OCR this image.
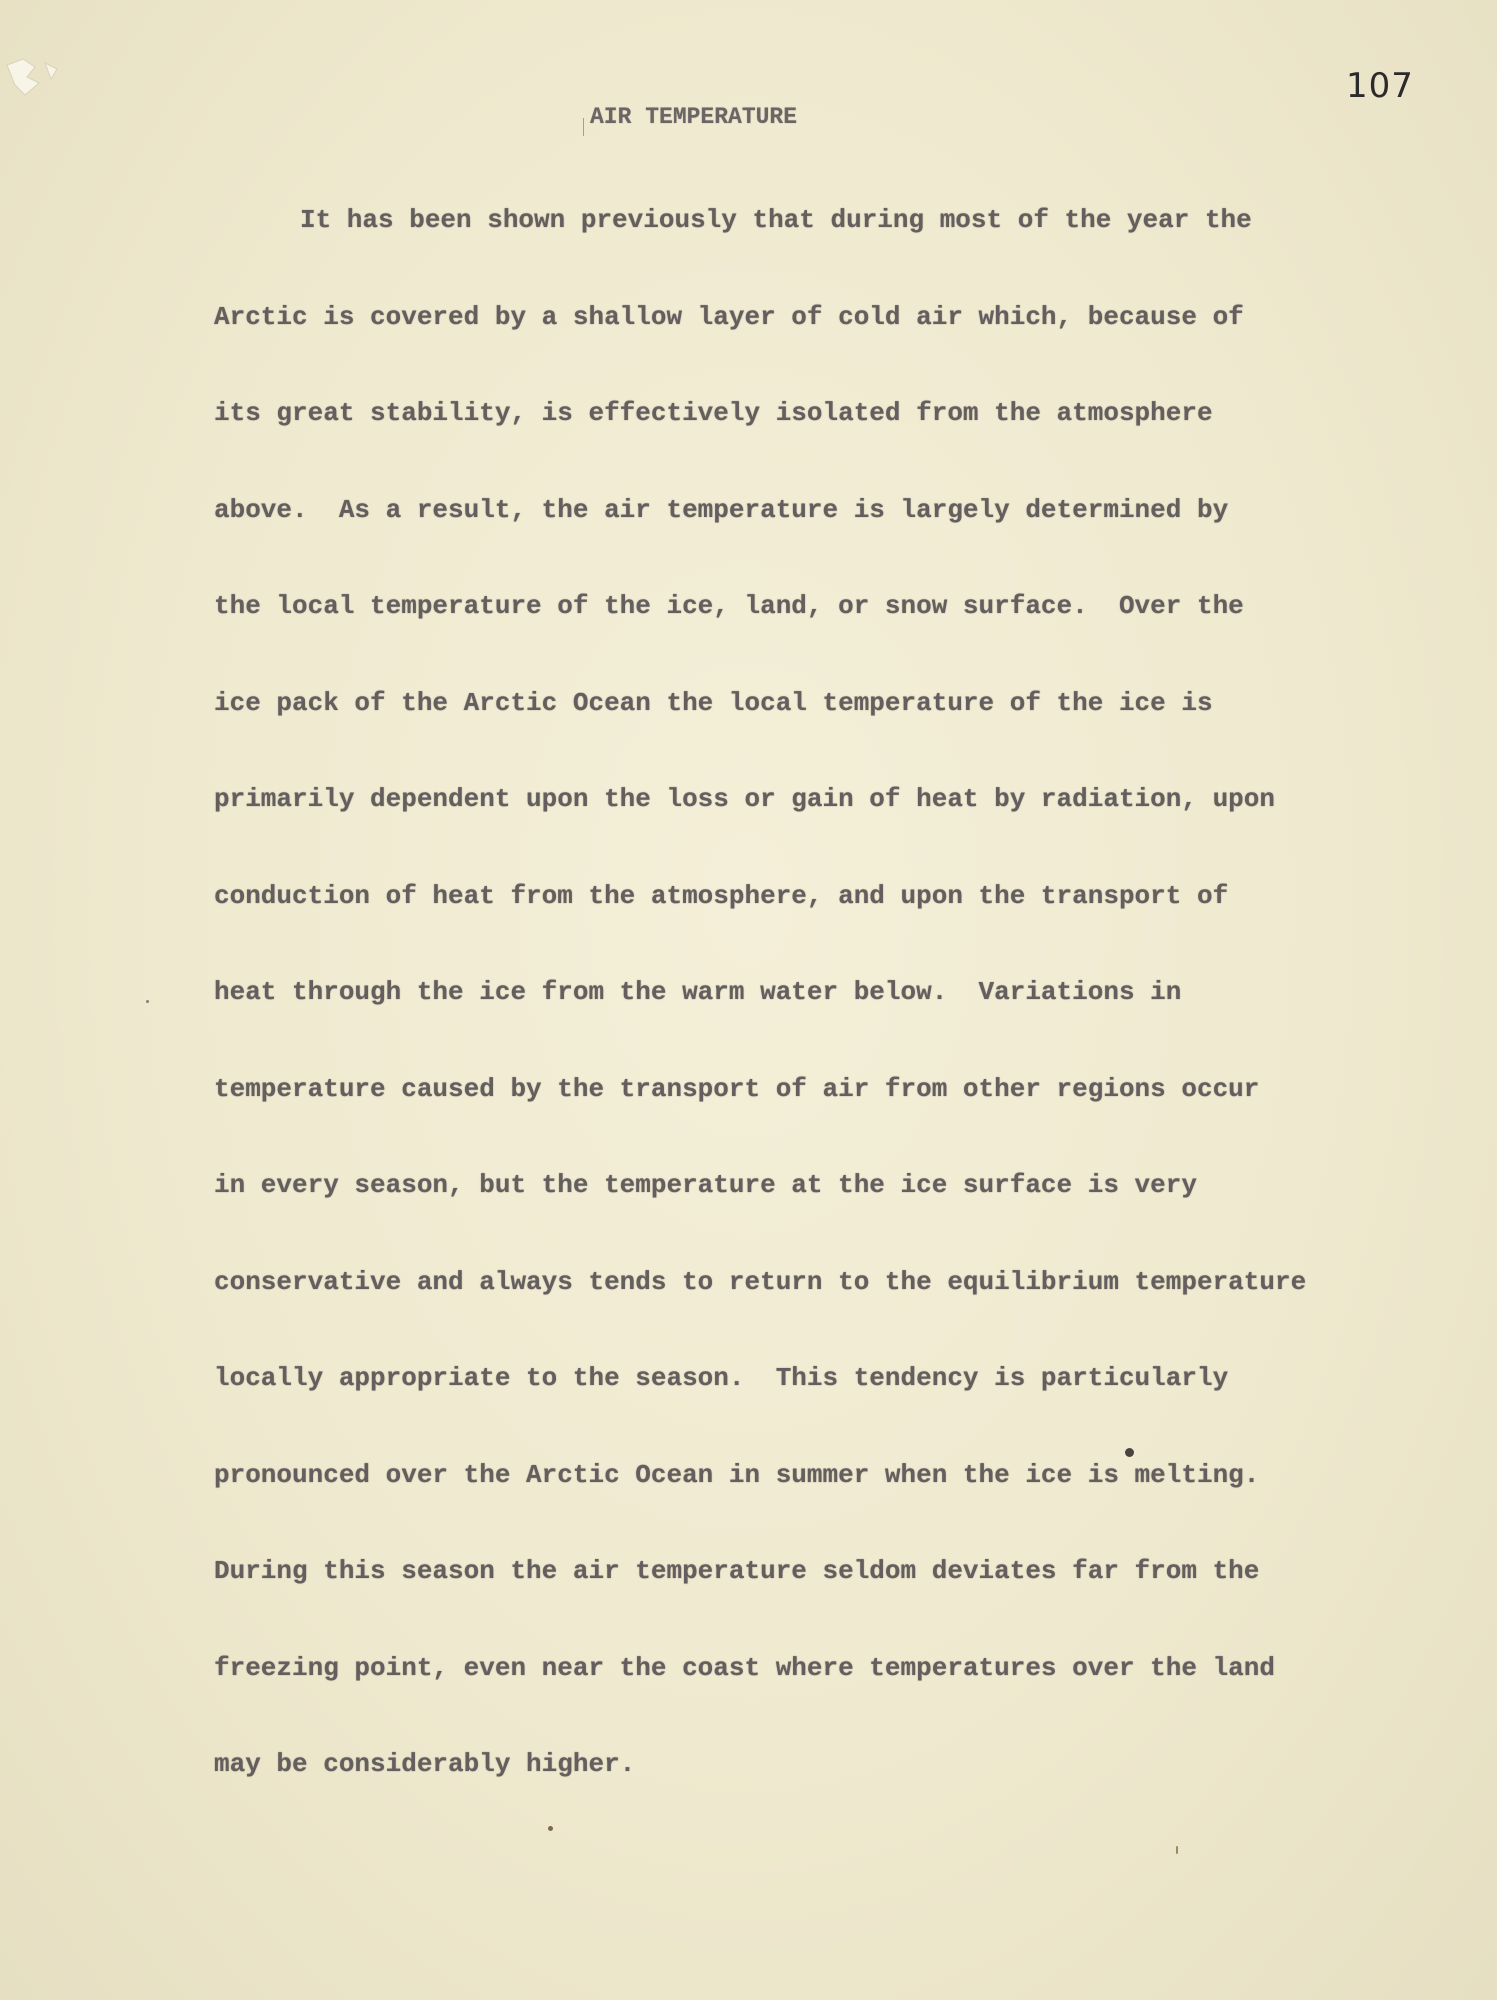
107
AIR TEMPERATURE
It has been shown previously that during most of the year the
Arctic is covered by a shallow layer of cold air which, because of
its great stability, is effectively isolated from the atmosphere
above.  As a result, the air temperature is largely determined by
the local temperature of the ice, land, or snow surface.  Over the
ice pack of the Arctic Ocean the local temperature of the ice is
primarily dependent upon the loss or gain of heat by radiation, upon
conduction of heat from the atmosphere, and upon the transport of
heat through the ice from the warm water below.  Variations in
temperature caused by the transport of air from other regions occur
in every season, but the temperature at the ice surface is very
conservative and always tends to return to the equilibrium temperature
locally appropriate to the season.  This tendency is particularly
pronounced over the Arctic Ocean in summer when the ice is melting.
During this season the air temperature seldom deviates far from the
freezing point, even near the coast where temperatures over the land
may be considerably higher.
